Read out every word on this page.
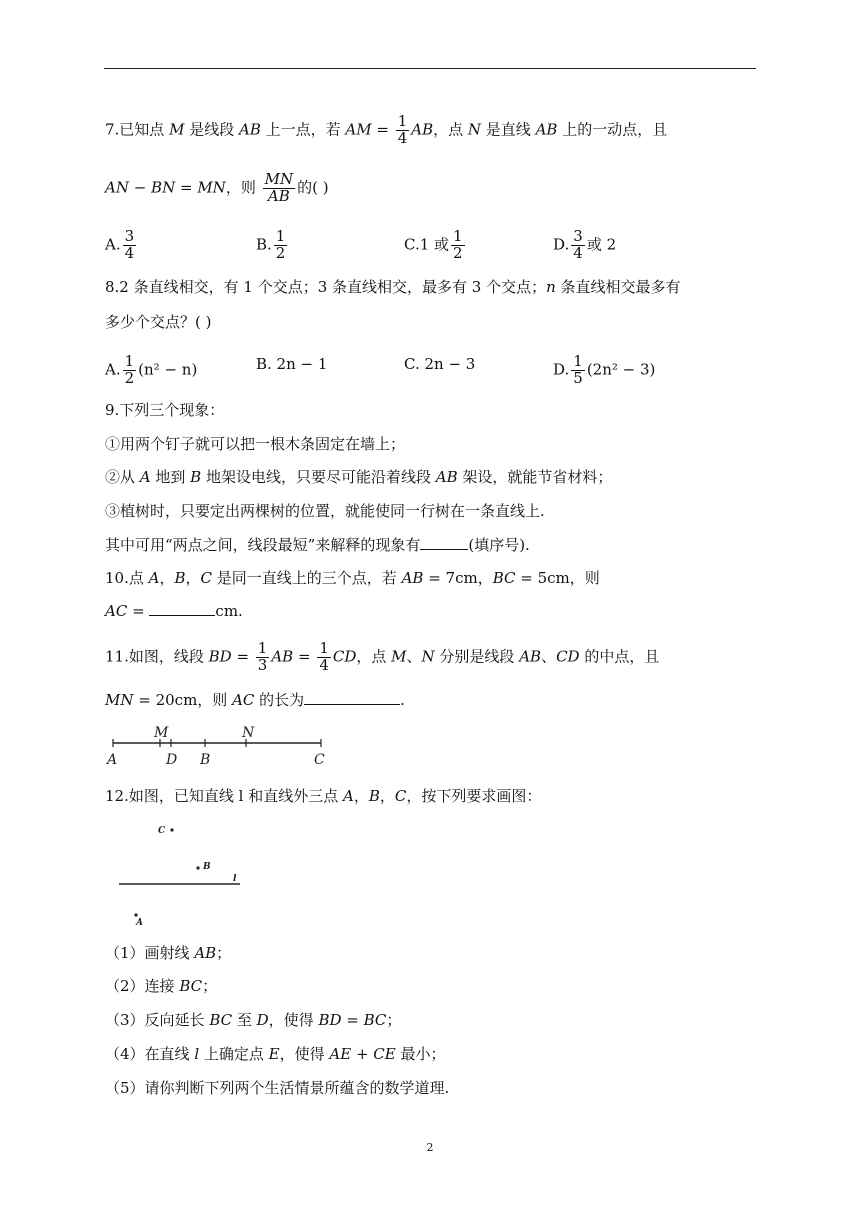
7.已知点 M 是线段 AB 上一点，若 AM = $\frac{1}{4}$ AB，点 N 是直线 AB 上的一动点，且
AN − BN = MN，则 $\frac{MN}{AB}$ 的( )
A. $\frac{3}{4}$	B. $\frac{1}{2}$	C.1 或 $\frac{1}{2}$	D. $\frac{3}{4}$ 或 2
8.2 条直线相交，有 1 个交点；3 条直线相交，最多有 3 个交点；n 条直线相交最多有
多少个交点？( )
A. $\frac{1}{2} (n^2 - n)$	B. 2n − 1	C. 2n − 3	D. $\frac{1}{5} (2n^2 - 3)$
9.下列三个现象：
①用两个钉子就可以把一根木条固定在墙上；
②从 A 地到 B 地架设电线，只要尽可能沿着线段 AB 架设，就能节省材料；
③植树时，只要定出两棵树的位置，就能使同一行树在一条直线上.
其中可用“两点之间，线段最短”来解释的现象有	(填序号).
10.点 A，B，C 是同一直线上的三个点，若 AB = 7cm，BC = 5cm，则
AC =	cm.
11.如图，线段 BD = $\frac{1}{3}$ AB = $\frac{1}{4}$ CD，点 M、N 分别是线段 AB、CD 的中点，且
MN = 20cm，则 AC 的长为	.
M	N
A	D B	C
12.如图，已知直线 l 和直线外三点 A，B，C，按下列要求画图：
C
B
l
A
（1）画射线 AB；
（2）连接 BC；
（3）反向延长 BC 至 D，使得 BD = BC；
（4）在直线 l 上确定点 E，使得 AE + CE 最小；
（5）请你判断下列两个生活情景所蕴含的数学道理.
2
